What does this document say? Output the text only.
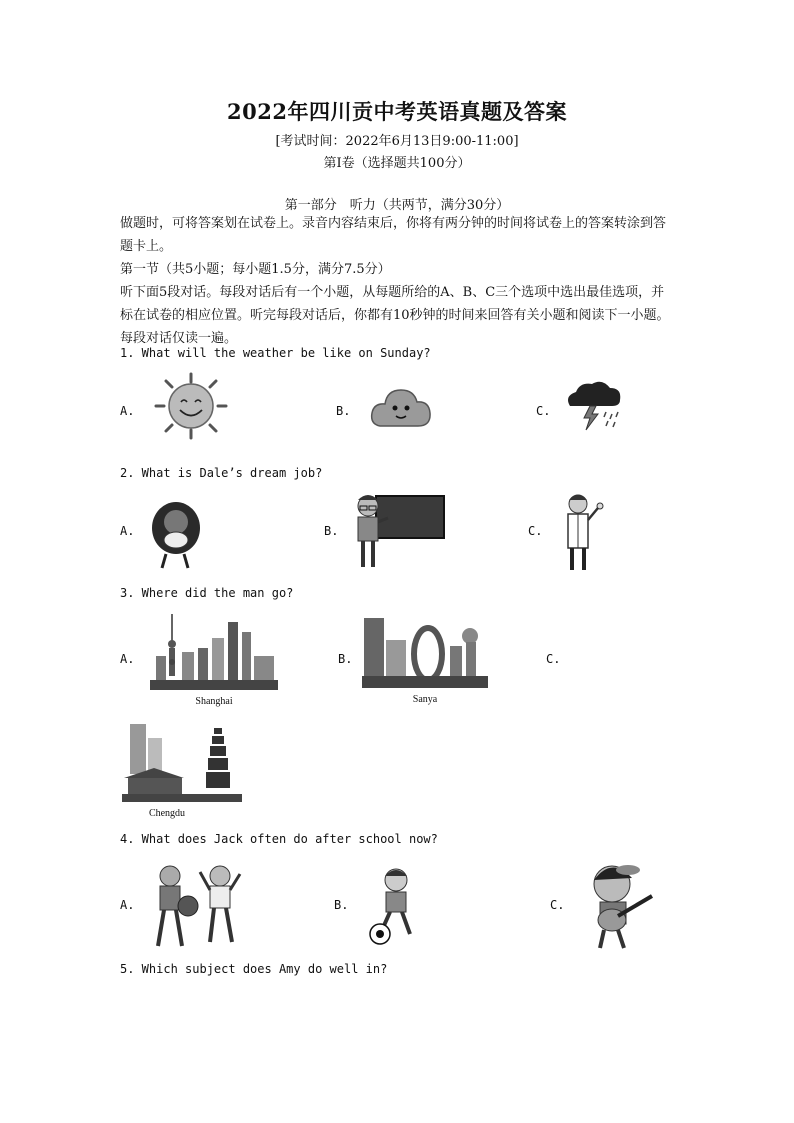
2022年四川贡中考英语真题及答案
[考试时间：2022年6月13日9:00-11:00]
第Ⅰ卷（选择题共100分）
第一部分　听力（共两节，满分30分）
做题时，可将答案划在试卷上。录音内容结束后，你将有两分钟的时间将试卷上的答案转涂到答题卡上。
第一节（共5小题；每小题1.5分，满分7.5分）
听下面5段对话。每段对话后有一个小题，从每题所给的A、B、C三个选项中选出最佳选项，并标在试卷的相应位置。听完每段对话后，你都有10秒钟的时间来回答有关小题和阅读下一小题。每段对话仅读一遍。
1. What will the weather be like on Sunday?
A.	B.	C.
2. What is Dale’s dream job?
A.	B.	C.
3. Where did the man go?
A.	B.	C.
Shanghai	Sanya
Chengdu
4. What does Jack often do after school now?
A.	B.	C.
5. Which subject does Amy do well in?
